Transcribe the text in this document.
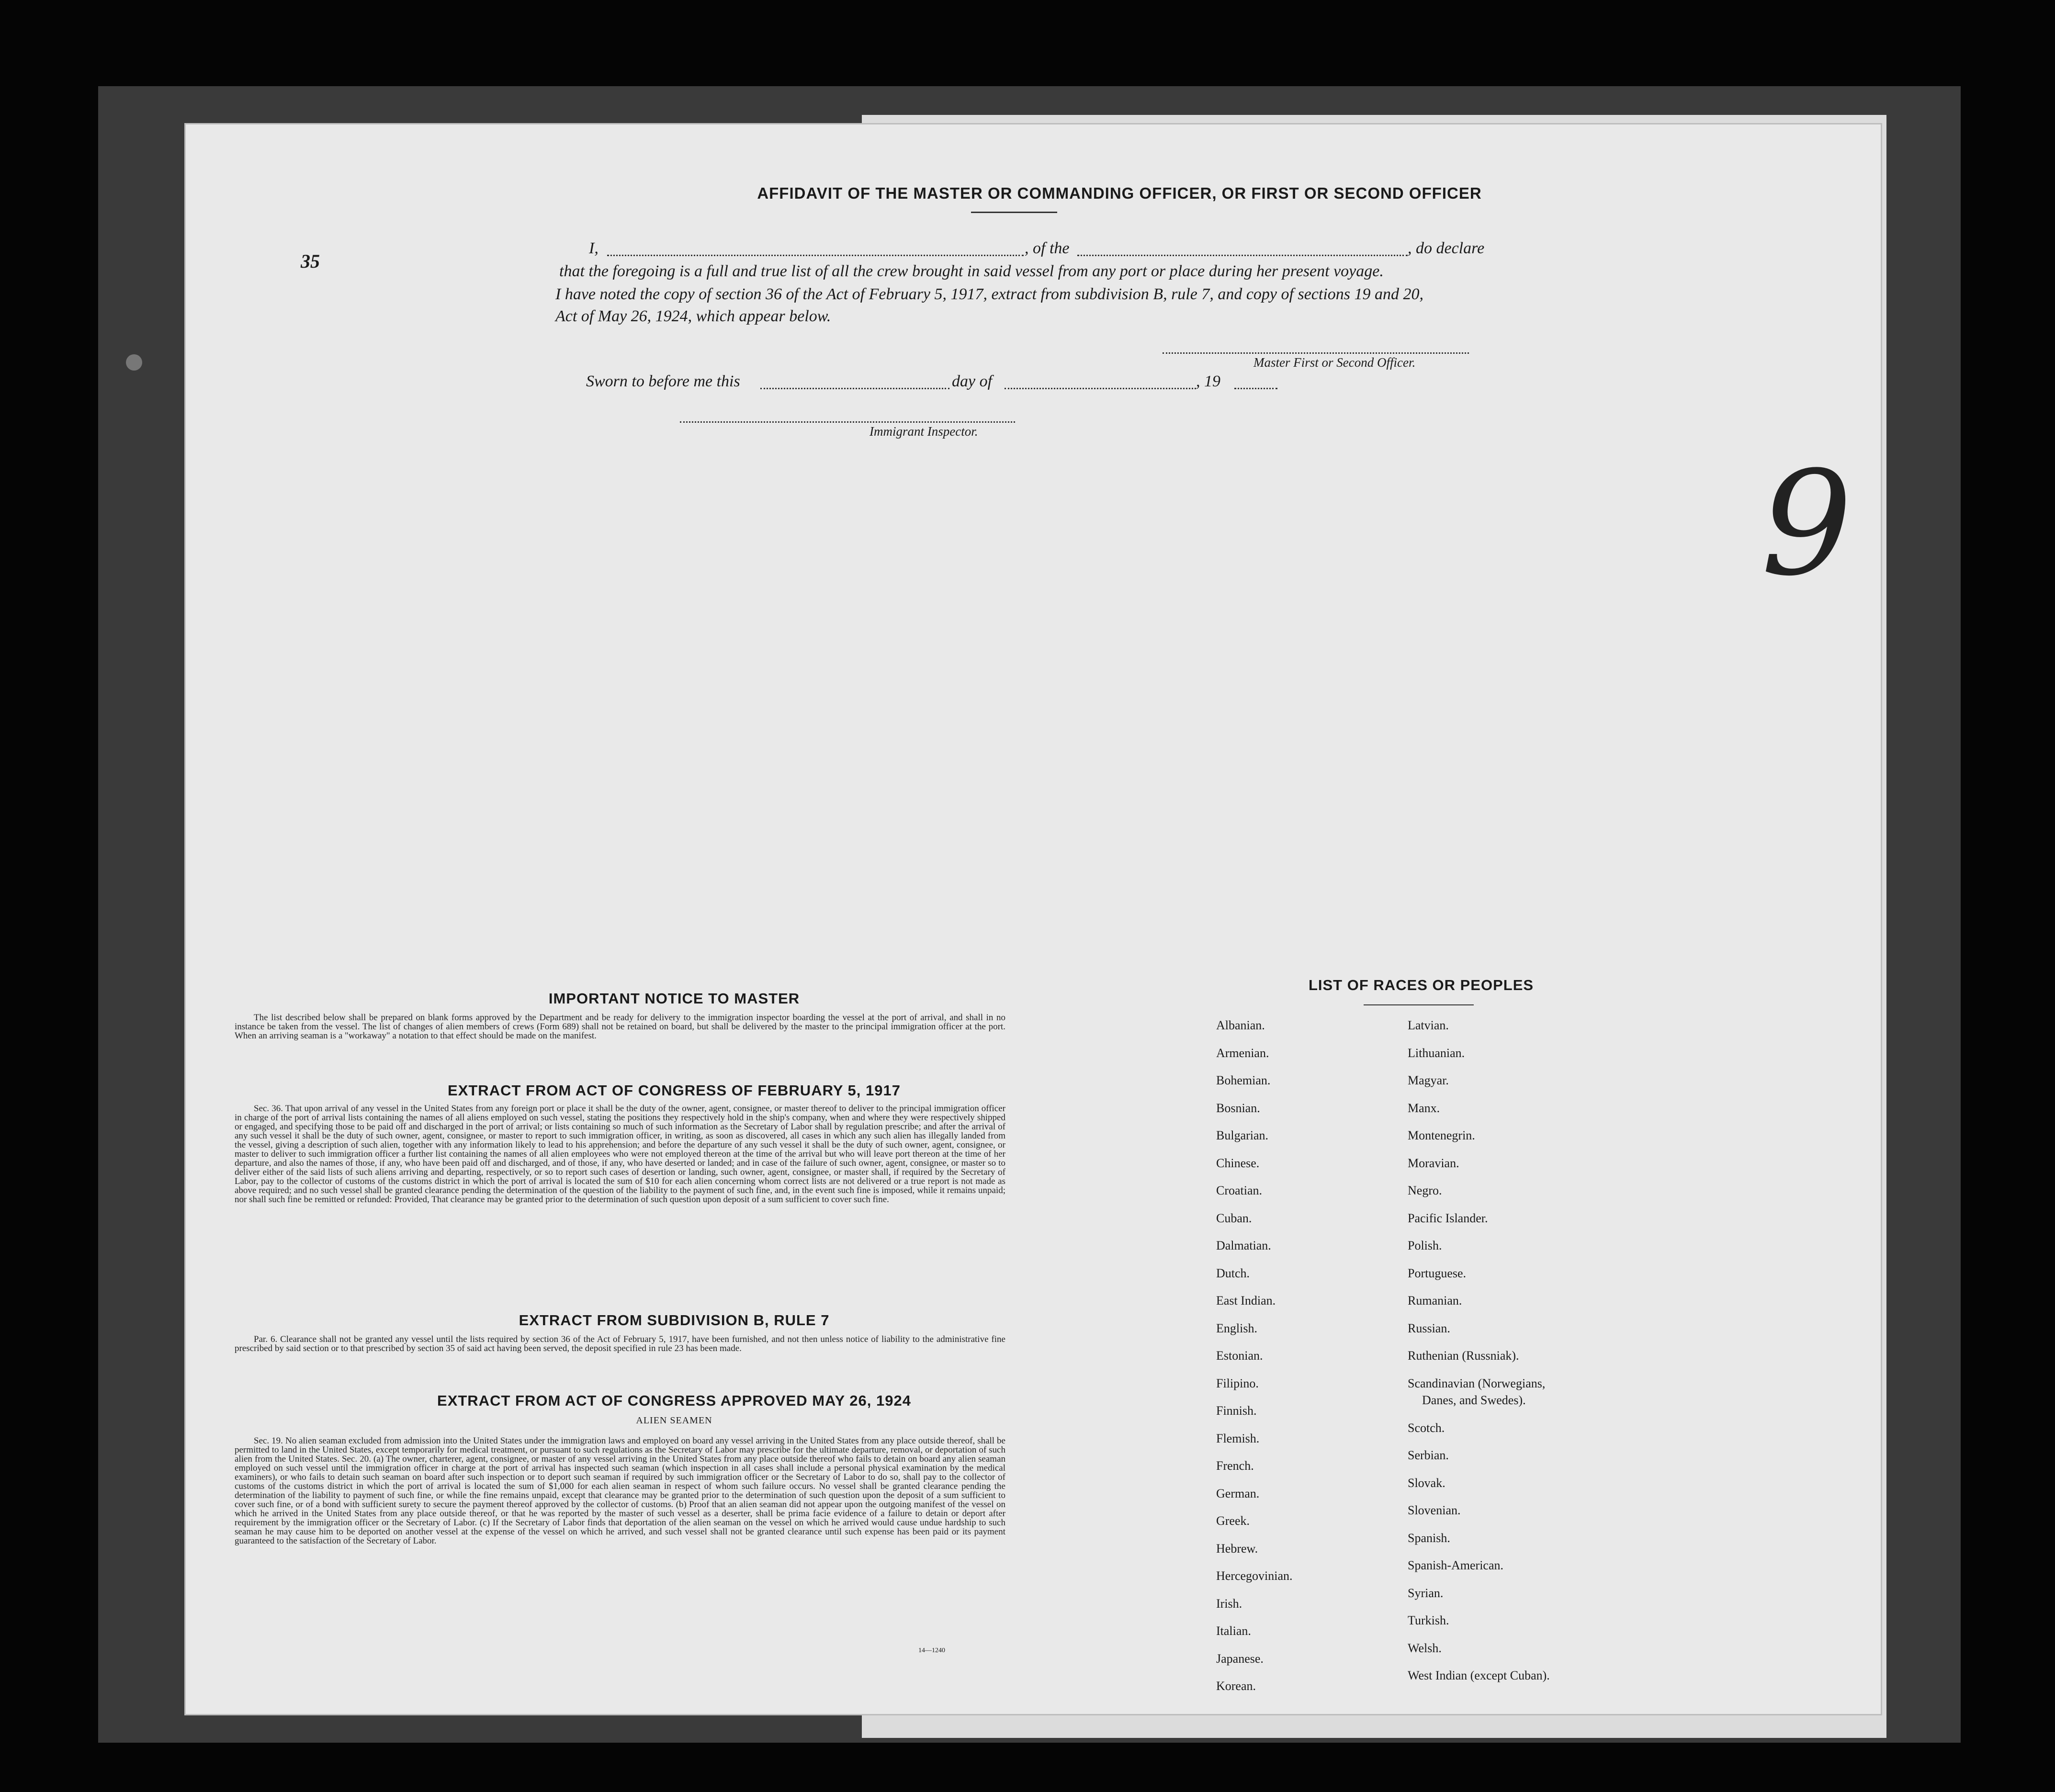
AFFIDAVIT OF THE MASTER OR COMMANDING OFFICER, OR FIRST OR SECOND OFFICER
35
I,	, of the	, do declare
that the foregoing is a full and true list of all the crew brought in said vessel from any port or place during her present voyage.
I have noted the copy of section 36 of the Act of February 5, 1917, extract from subdivision B, rule 7, and copy of sections 19 and 20,
Act of May 26, 1924, which appear below.
Master First or Second Officer.
Sworn to before me this	day of	, 19
Immigrant Inspector.
IMPORTANT NOTICE TO MASTER
The list described below shall be prepared on blank forms approved by the Department and be ready for delivery to the immigration inspector boarding the vessel at the port of arrival, and shall in no instance be taken from the vessel. The list of changes of alien members of crews (Form 689) shall not be retained on board, but shall be delivered by the master to the principal immigration officer at the port. When an arriving seaman is a "workaway" a notation to that effect should be made on the manifest.
EXTRACT FROM ACT OF CONGRESS OF FEBRUARY 5, 1917
Sec. 36. That upon arrival of any vessel in the United States from any foreign port or place it shall be the duty of the owner, agent, consignee, or master thereof to deliver to the principal immigration officer in charge of the port of arrival lists containing the names of all aliens employed on such vessel, stating the positions they respectively hold in the ship's company, when and where they were respectively shipped or engaged, and specifying those to be paid off and discharged in the port of arrival; or lists containing so much of such information as the Secretary of Labor shall by regulation prescribe; and after the arrival of any such vessel it shall be the duty of such owner, agent, consignee, or master to report to such immigration officer, in writing, as soon as discovered, all cases in which any such alien has illegally landed from the vessel, giving a description of such alien, together with any information likely to lead to his apprehension; and before the departure of any such vessel it shall be the duty of such owner, agent, consignee, or master to deliver to such immigration officer a further list containing the names of all alien employees who were not employed thereon at the time of the arrival but who will leave port thereon at the time of her departure, and also the names of those, if any, who have been paid off and discharged, and of those, if any, who have deserted or landed; and in case of the failure of such owner, agent, consignee, or master so to deliver either of the said lists of such aliens arriving and departing, respectively, or so to report such cases of desertion or landing, such owner, agent, consignee, or master shall, if required by the Secretary of Labor, pay to the collector of customs of the customs district in which the port of arrival is located the sum of $10 for each alien concerning whom correct lists are not delivered or a true report is not made as above required; and no such vessel shall be granted clearance pending the determination of the question of the liability to the payment of such fine, and, in the event such fine is imposed, while it remains unpaid; nor shall such fine be remitted or refunded: Provided, That clearance may be granted prior to the determination of such question upon deposit of a sum sufficient to cover such fine.
EXTRACT FROM SUBDIVISION B, RULE 7
Par. 6. Clearance shall not be granted any vessel until the lists required by section 36 of the Act of February 5, 1917, have been furnished, and not then unless notice of liability to the administrative fine prescribed by said section or to that prescribed by section 35 of said act having been served, the deposit specified in rule 23 has been made.
EXTRACT FROM ACT OF CONGRESS APPROVED MAY 26, 1924
ALIEN SEAMEN
Sec. 19. No alien seaman excluded from admission into the United States under the immigration laws and employed on board any vessel arriving in the United States from any place outside thereof, shall be permitted to land in the United States, except temporarily for medical treatment, or pursuant to such regulations as the Secretary of Labor may prescribe for the ultimate departure, removal, or deportation of such alien from the United States. Sec. 20. (a) The owner, charterer, agent, consignee, or master of any vessel arriving in the United States from any place outside thereof who fails to detain on board any alien seaman employed on such vessel until the immigration officer in charge at the port of arrival has inspected such seaman (which inspection in all cases shall include a personal physical examination by the medical examiners), or who fails to detain such seaman on board after such inspection or to deport such seaman if required by such immigration officer or the Secretary of Labor to do so, shall pay to the collector of customs of the customs district in which the port of arrival is located the sum of $1,000 for each alien seaman in respect of whom such failure occurs. No vessel shall be granted clearance pending the determination of the liability to payment of such fine, or while the fine remains unpaid, except that clearance may be granted prior to the determination of such question upon the deposit of a sum sufficient to cover such fine, or of a bond with sufficient surety to secure the payment thereof approved by the collector of customs. (b) Proof that an alien seaman did not appear upon the outgoing manifest of the vessel on which he arrived in the United States from any place outside thereof, or that he was reported by the master of such vessel as a deserter, shall be prima facie evidence of a failure to detain or deport after requirement by the immigration officer or the Secretary of Labor. (c) If the Secretary of Labor finds that deportation of the alien seaman on the vessel on which he arrived would cause undue hardship to such seaman he may cause him to be deported on another vessel at the expense of the vessel on which he arrived, and such vessel shall not be granted clearance until such expense has been paid or its payment guaranteed to the satisfaction of the Secretary of Labor.
14—1240
LIST OF RACES OR PEOPLES
Albanian.
Armenian.
Bohemian.
Bosnian.
Bulgarian.
Chinese.
Croatian.
Cuban.
Dalmatian.
Dutch.
East Indian.
English.
Estonian.
Filipino.
Finnish.
Flemish.
French.
German.
Greek.
Hebrew.
Hercegovinian.
Irish.
Italian.
Japanese.
Korean.
Latvian.
Lithuanian.
Magyar.
Manx.
Montenegrin.
Moravian.
Negro.
Pacific Islander.
Polish.
Portuguese.
Rumanian.
Russian.
Ruthenian (Russniak).
Scandinavian (Norwegians,
Danes, and Swedes).
Scotch.
Serbian.
Slovak.
Slovenian.
Spanish.
Spanish-American.
Syrian.
Turkish.
Welsh.
West Indian (except Cuban).
9
